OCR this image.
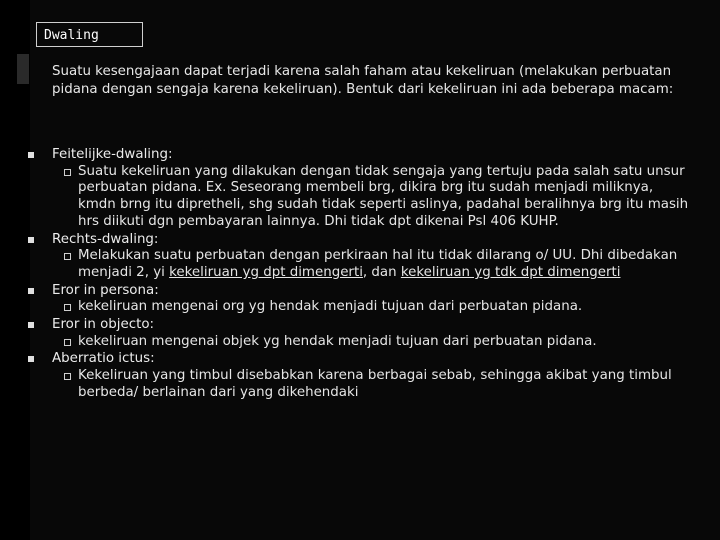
Dwaling
Suatu kesengajaan dapat terjadi karena salah faham atau kekeliruan (melakukan perbuatan pidana dengan sengaja karena kekeliruan). Bentuk dari kekeliruan ini ada beberapa macam:
Feitelijke-dwaling:
Suatu kekeliruan yang dilakukan dengan tidak sengaja yang tertuju pada salah satu unsur perbuatan pidana. Ex. Seseorang membeli brg, dikira brg itu sudah menjadi miliknya, kmdn brng itu dipretheli, shg sudah tidak seperti aslinya, padahal beralihnya brg itu masih hrs diikuti dgn pembayaran lainnya. Dhi tidak dpt dikenai Psl 406 KUHP.
Rechts-dwaling:
Melakukan suatu perbuatan dengan perkiraan hal itu tidak dilarang o/ UU. Dhi dibedakan menjadi 2, yi kekeliruan yg dpt dimengerti, dan kekeliruan yg tdk dpt dimengerti
Eror in persona:
kekeliruan mengenai org yg hendak menjadi tujuan dari perbuatan pidana.
Eror in objecto:
kekeliruan mengenai objek yg hendak menjadi tujuan dari perbuatan pidana.
Aberratio ictus:
Kekeliruan yang timbul disebabkan karena berbagai sebab, sehingga akibat yang timbul berbeda/ berlainan dari yang dikehendaki
